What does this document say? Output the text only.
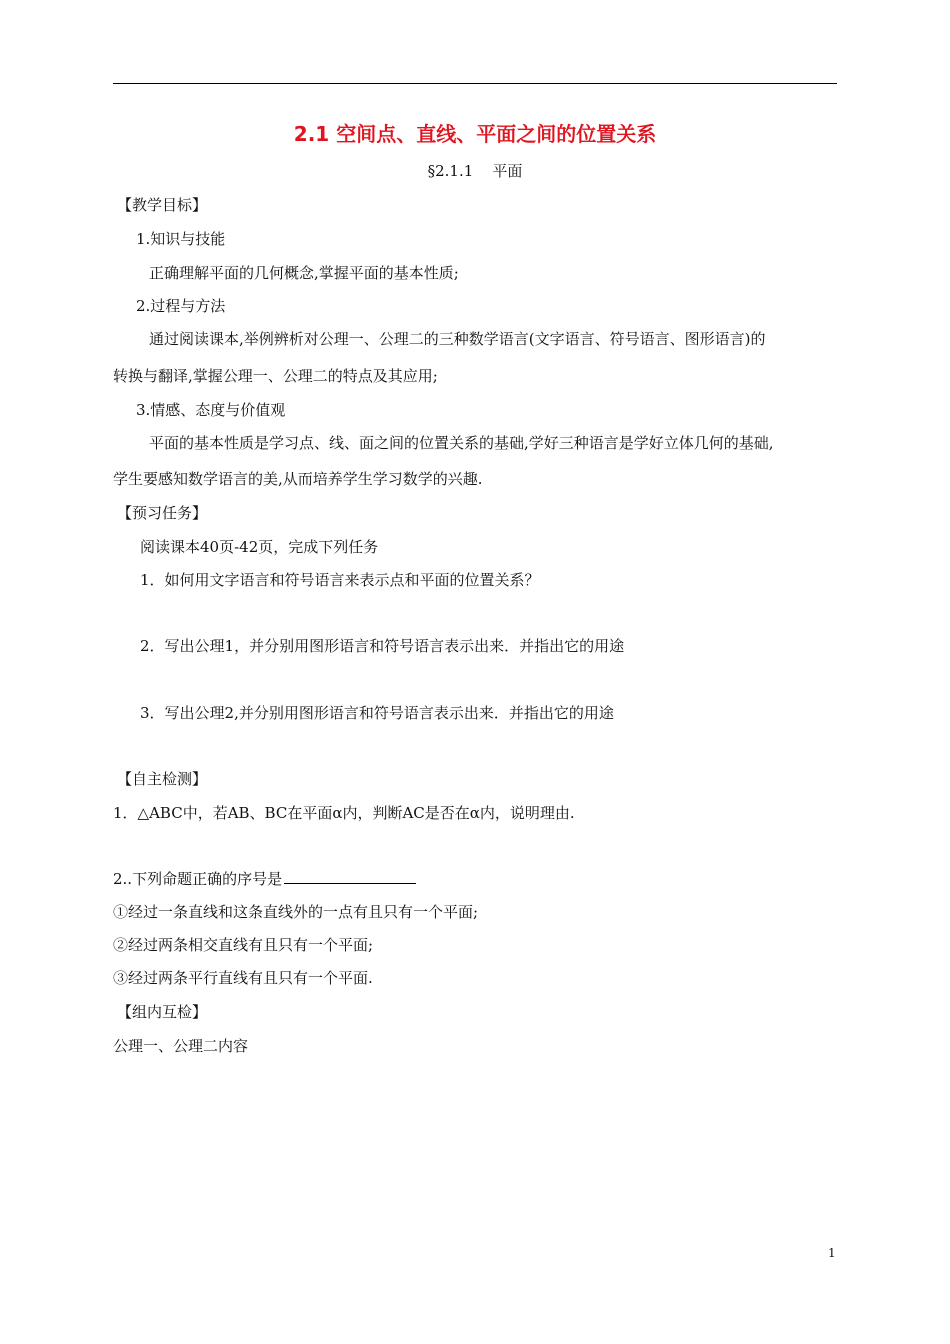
2.1 空间点、直线、平面之间的位置关系
§2.1.1    平面
【教学目标】
1.知识与技能
正确理解平面的几何概念,掌握平面的基本性质;
2.过程与方法
通过阅读课本,举例辨析对公理一、公理二的三种数学语言(文字语言、符号语言、图形语言)的
转换与翻译,掌握公理一、公理二的特点及其应用;
3.情感、态度与价值观
平面的基本性质是学习点、线、面之间的位置关系的基础,学好三种语言是学好立体几何的基础,
学生要感知数学语言的美,从而培养学生学习数学的兴趣.
【预习任务】
阅读课本40页-42页，完成下列任务
1．如何用文字语言和符号语言来表示点和平面的位置关系？
2．写出公理1，并分别用图形语言和符号语言表示出来．并指出它的用途
3．写出公理2,并分别用图形语言和符号语言表示出来．并指出它的用途
【自主检测】
1．△ABC中，若AB、BC在平面α内，判断AC是否在α内，说明理由.
2..下列命题正确的序号是
①经过一条直线和这条直线外的一点有且只有一个平面;
②经过两条相交直线有且只有一个平面;
③经过两条平行直线有且只有一个平面.
【组内互检】
公理一、公理二内容
1
